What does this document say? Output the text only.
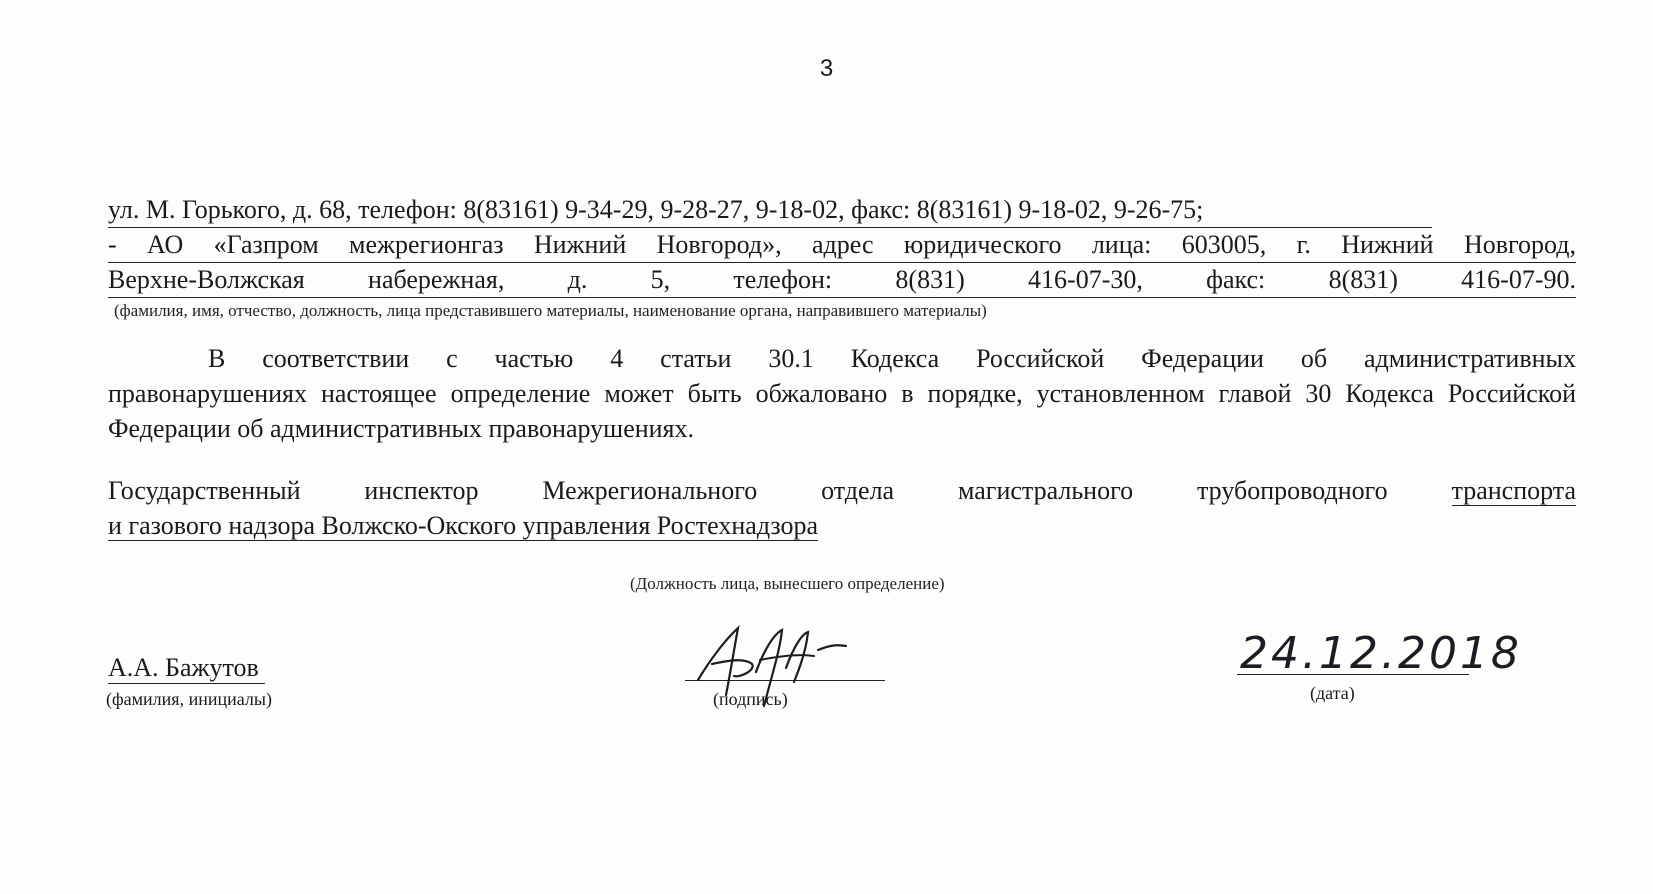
3
ул. М. Горького, д. 68, телефон: 8(83161) 9-34-29, 9-28-27, 9-18-02, факс: 8(83161) 9-18-02, 9-26-75;
- АО «Газпром межрегионгаз Нижний Новгород», адрес юридического лица: 603005, г. Нижний Новгород,
Верхне-Волжская набережная, д. 5, телефон: 8(831) 416-07-30, факс: 8(831) 416-07-90.
(фамилия, имя, отчество, должность, лица представившего материалы, наименование органа, направившего материалы)
В соответствии с частью 4 статьи 30.1 Кодекса Российской Федерации об административных
правонарушениях настоящее определение может быть обжаловано в порядке, установленном главой 30 Кодекса Российской Федерации об административных правонарушениях.
Государственный инспектор Межрегионального отдела магистрального трубопроводного транспорта
и газового надзора Волжско-Окского управления Ростехнадзора
(Должность лица, вынесшего определение)
А.А. Бажутов
(фамилия, инициалы)	(подпись)
24.12.2018
(дата)
